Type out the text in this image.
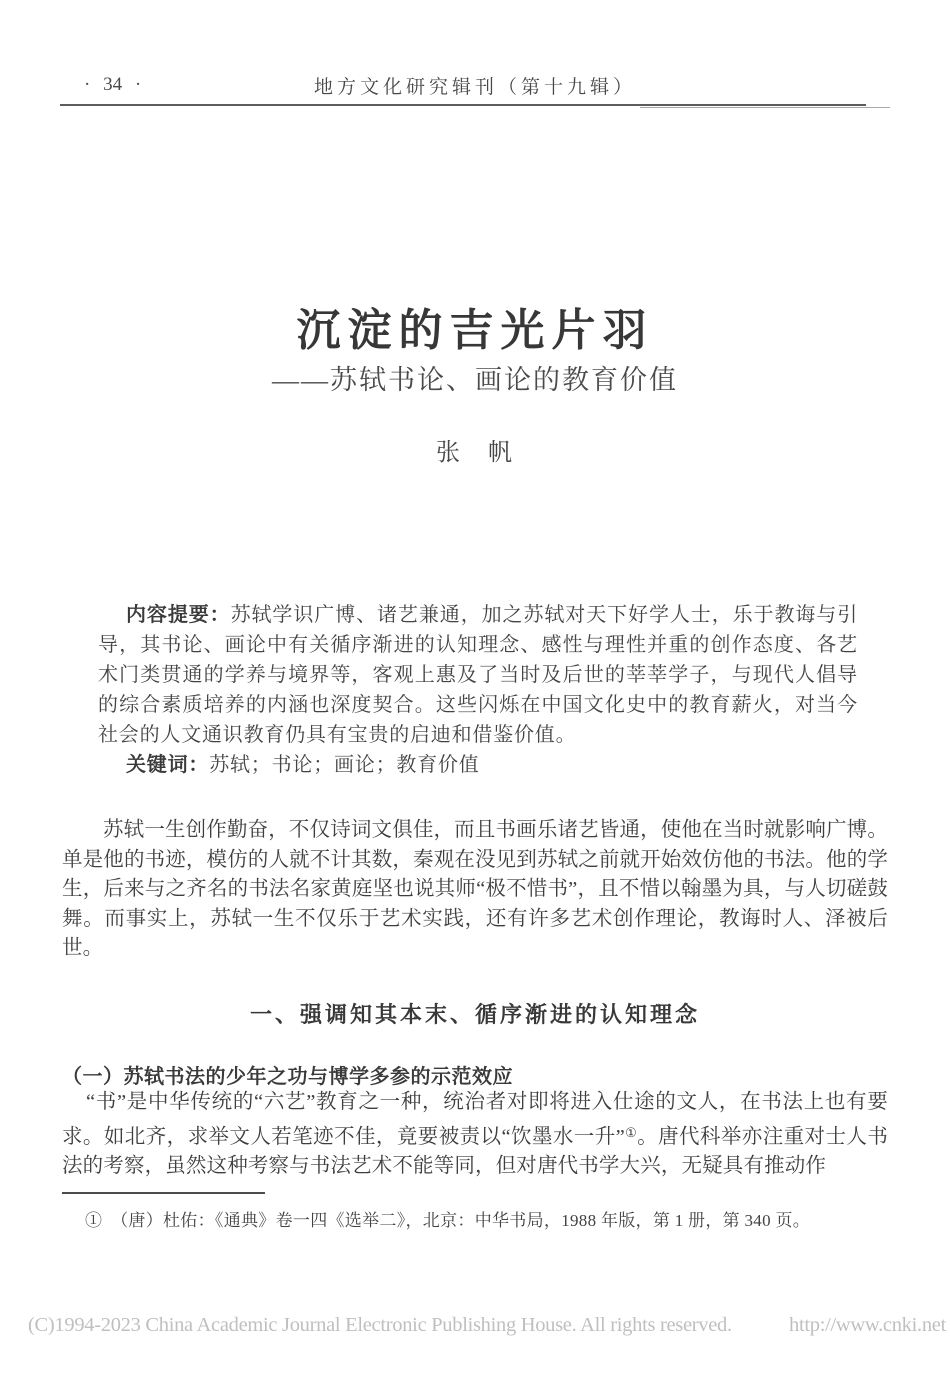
· 34 ·	地方文化研究辑刊（第十九辑）
沉淀的吉光片羽
——苏轼书论、画论的教育价值
张　帆

内容提要：苏轼学识广博、诸艺兼通，加之苏轼对天下好学人士，乐于教诲与引导，其书论、画论中有关循序渐进的认知理念、感性与理性并重的创作态度、各艺术门类贯通的学养与境界等，客观上惠及了当时及后世的莘莘学子，与现代人倡导的综合素质培养的内涵也深度契合。这些闪烁在中国文化史中的教育薪火，对当今社会的人文通识教育仍具有宝贵的启迪和借鉴价值。

关键词：苏轼；书论；画论；教育价值

苏轼一生创作勤奋，不仅诗词文俱佳，而且书画乐诸艺皆通，使他在当时就影响广博。单是他的书迹，模仿的人就不计其数，秦观在没见到苏轼之前就开始效仿他的书法。他的学生，后来与之齐名的书法名家黄庭坚也说其师“极不惜书”，且不惜以翰墨为具，与人切磋鼓舞。而事实上，苏轼一生不仅乐于艺术实践，还有许多艺术创作理论，教诲时人、泽被后世。

一、强调知其本末、循序渐进的认知理念
（一）苏轼书法的少年之功与博学多参的示范效应

“书”是中华传统的“六艺”教育之一种，统治者对即将进入仕途的文人，在书法上也有要求。如北齐，求举文人若笔迹不佳，竟要被责以“饮墨水一升”①。唐代科举亦注重对士人书法的考察，虽然这种考察与书法艺术不能等同，但对唐代书学大兴，无疑具有推动作

①　（唐）杜佑：《通典》卷一四《选举二》，北京：中华书局，1988 年版，第 1 册，第 340 页。

(C)1994-2023 China Academic Journal Electronic Publishing House. All rights reserved.	http://www.cnki.net
